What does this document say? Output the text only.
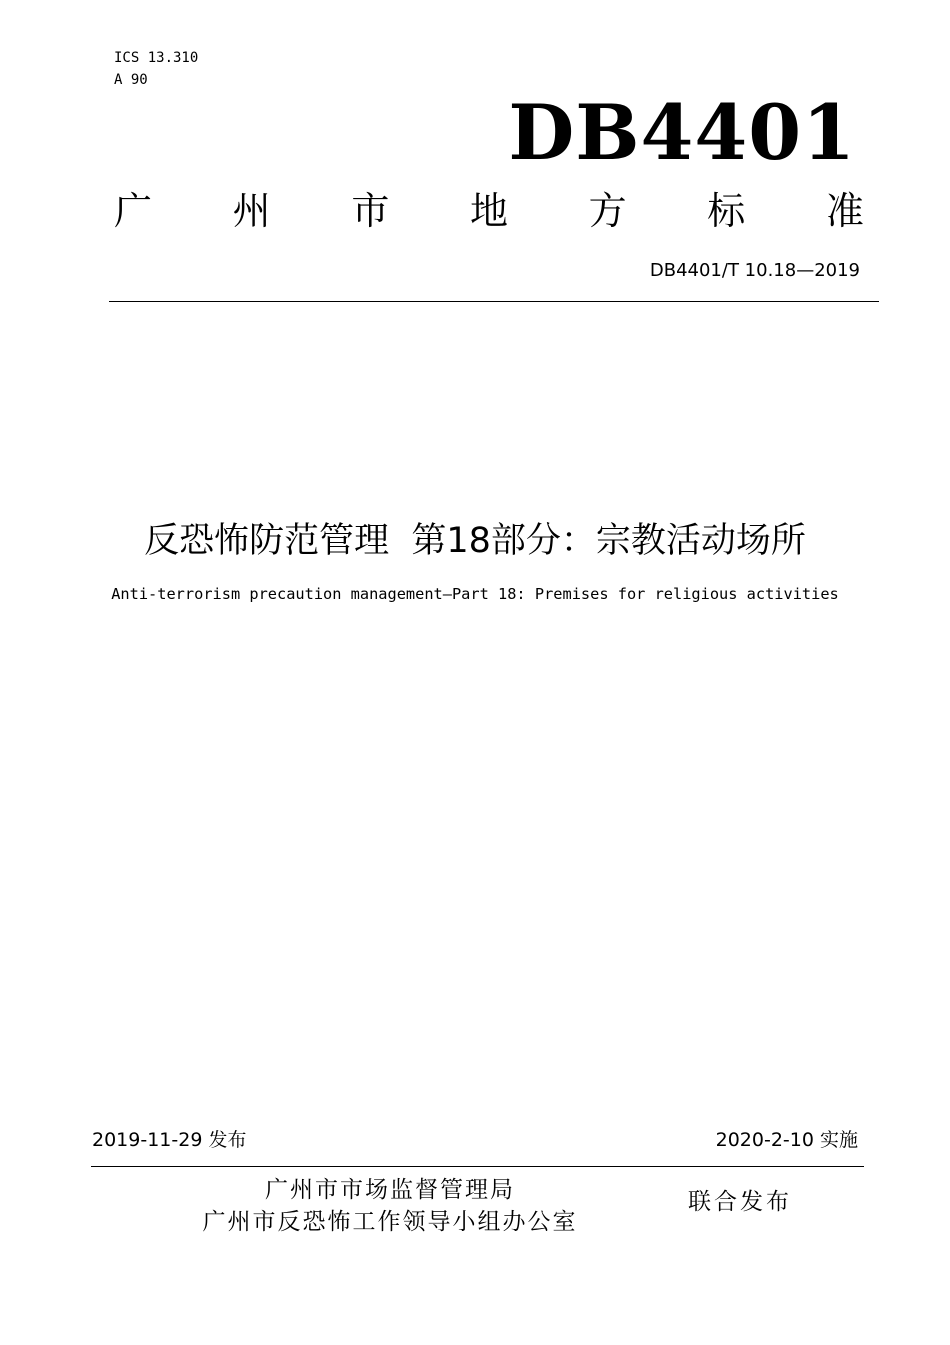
ICS 13.310
A 90
DB4401
广 州 市 地 方 标 准
DB4401/T 10.18—2019
反恐怖防范管理  第18部分：宗教活动场所
Anti-terrorism precaution management—Part 18: Premises for religious activities
2019-11-29 发布	2020-2-10 实施
广州市市场监督管理局
广州市反恐怖工作领导小组办公室
联合发布
